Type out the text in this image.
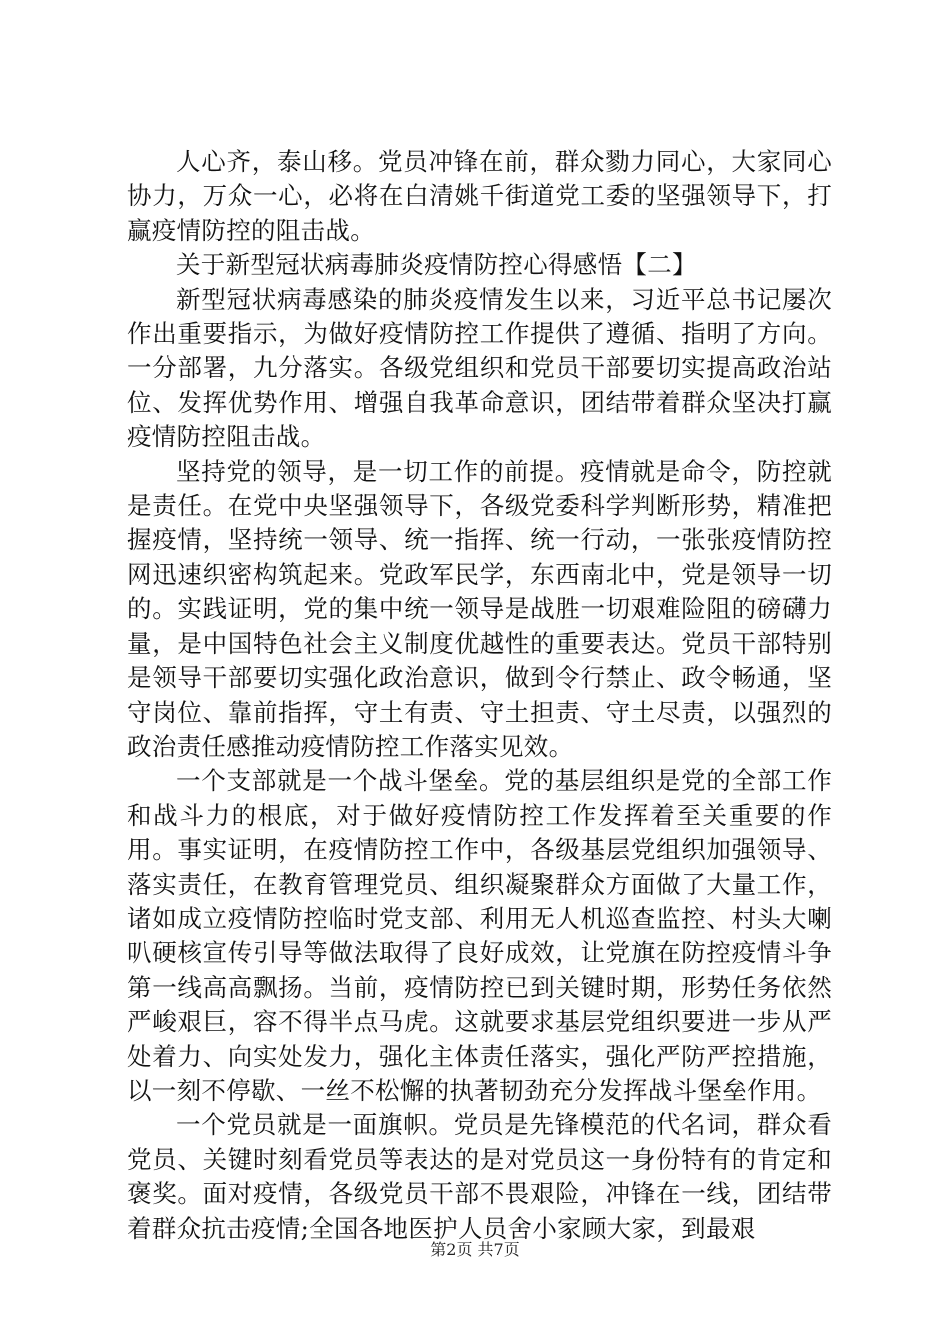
人心齐，泰山移。党员冲锋在前，群众勠力同心，大家同心协力，万众一心，必将在白清姚千街道党工委的坚强领导下，打赢疫情防控的阻击战。

关于新型冠状病毒肺炎疫情防控心得感悟【二】

新型冠状病毒感染的肺炎疫情发生以来，习近平总书记屡次作出重要指示，为做好疫情防控工作提供了遵循、指明了方向。一分部署，九分落实。各级党组织和党员干部要切实提高政治站位、发挥优势作用、增强自我革命意识，团结带着群众坚决打赢疫情防控阻击战。

坚持党的领导，是一切工作的前提。疫情就是命令，防控就是责任。在党中央坚强领导下，各级党委科学判断形势，精准把握疫情，坚持统一领导、统一指挥、统一行动，一张张疫情防控网迅速织密构筑起来。党政军民学，东西南北中，党是领导一切的。实践证明，党的集中统一领导是战胜一切艰难险阻的磅礴力量，是中国特色社会主义制度优越性的重要表达。党员干部特别是领导干部要切实强化政治意识，做到令行禁止、政令畅通，坚守岗位、靠前指挥，守土有责、守土担责、守土尽责，以强烈的政治责任感推动疫情防控工作落实见效。

一个支部就是一个战斗堡垒。党的基层组织是党的全部工作和战斗力的根底，对于做好疫情防控工作发挥着至关重要的作用。事实证明，在疫情防控工作中，各级基层党组织加强领导、落实责任，在教育管理党员、组织凝聚群众方面做了大量工作，诸如成立疫情防控临时党支部、利用无人机巡查监控、村头大喇叭硬核宣传引导等做法取得了良好成效，让党旗在防控疫情斗争第一线高高飘扬。当前，疫情防控已到关键时期，形势任务依然严峻艰巨，容不得半点马虎。这就要求基层党组织要进一步从严处着力、向实处发力，强化主体责任落实，强化严防严控措施，以一刻不停歇、一丝不松懈的执著韧劲充分发挥战斗堡垒作用。

一个党员就是一面旗帜。党员是先锋模范的代名词，群众看党员、关键时刻看党员等表达的是对党员这一身份特有的肯定和褒奖。面对疫情，各级党员干部不畏艰险，冲锋在一线，团结带着群众抗击疫情;全国各地医护人员舍小家顾大家，到最艰

第2页 共7页
